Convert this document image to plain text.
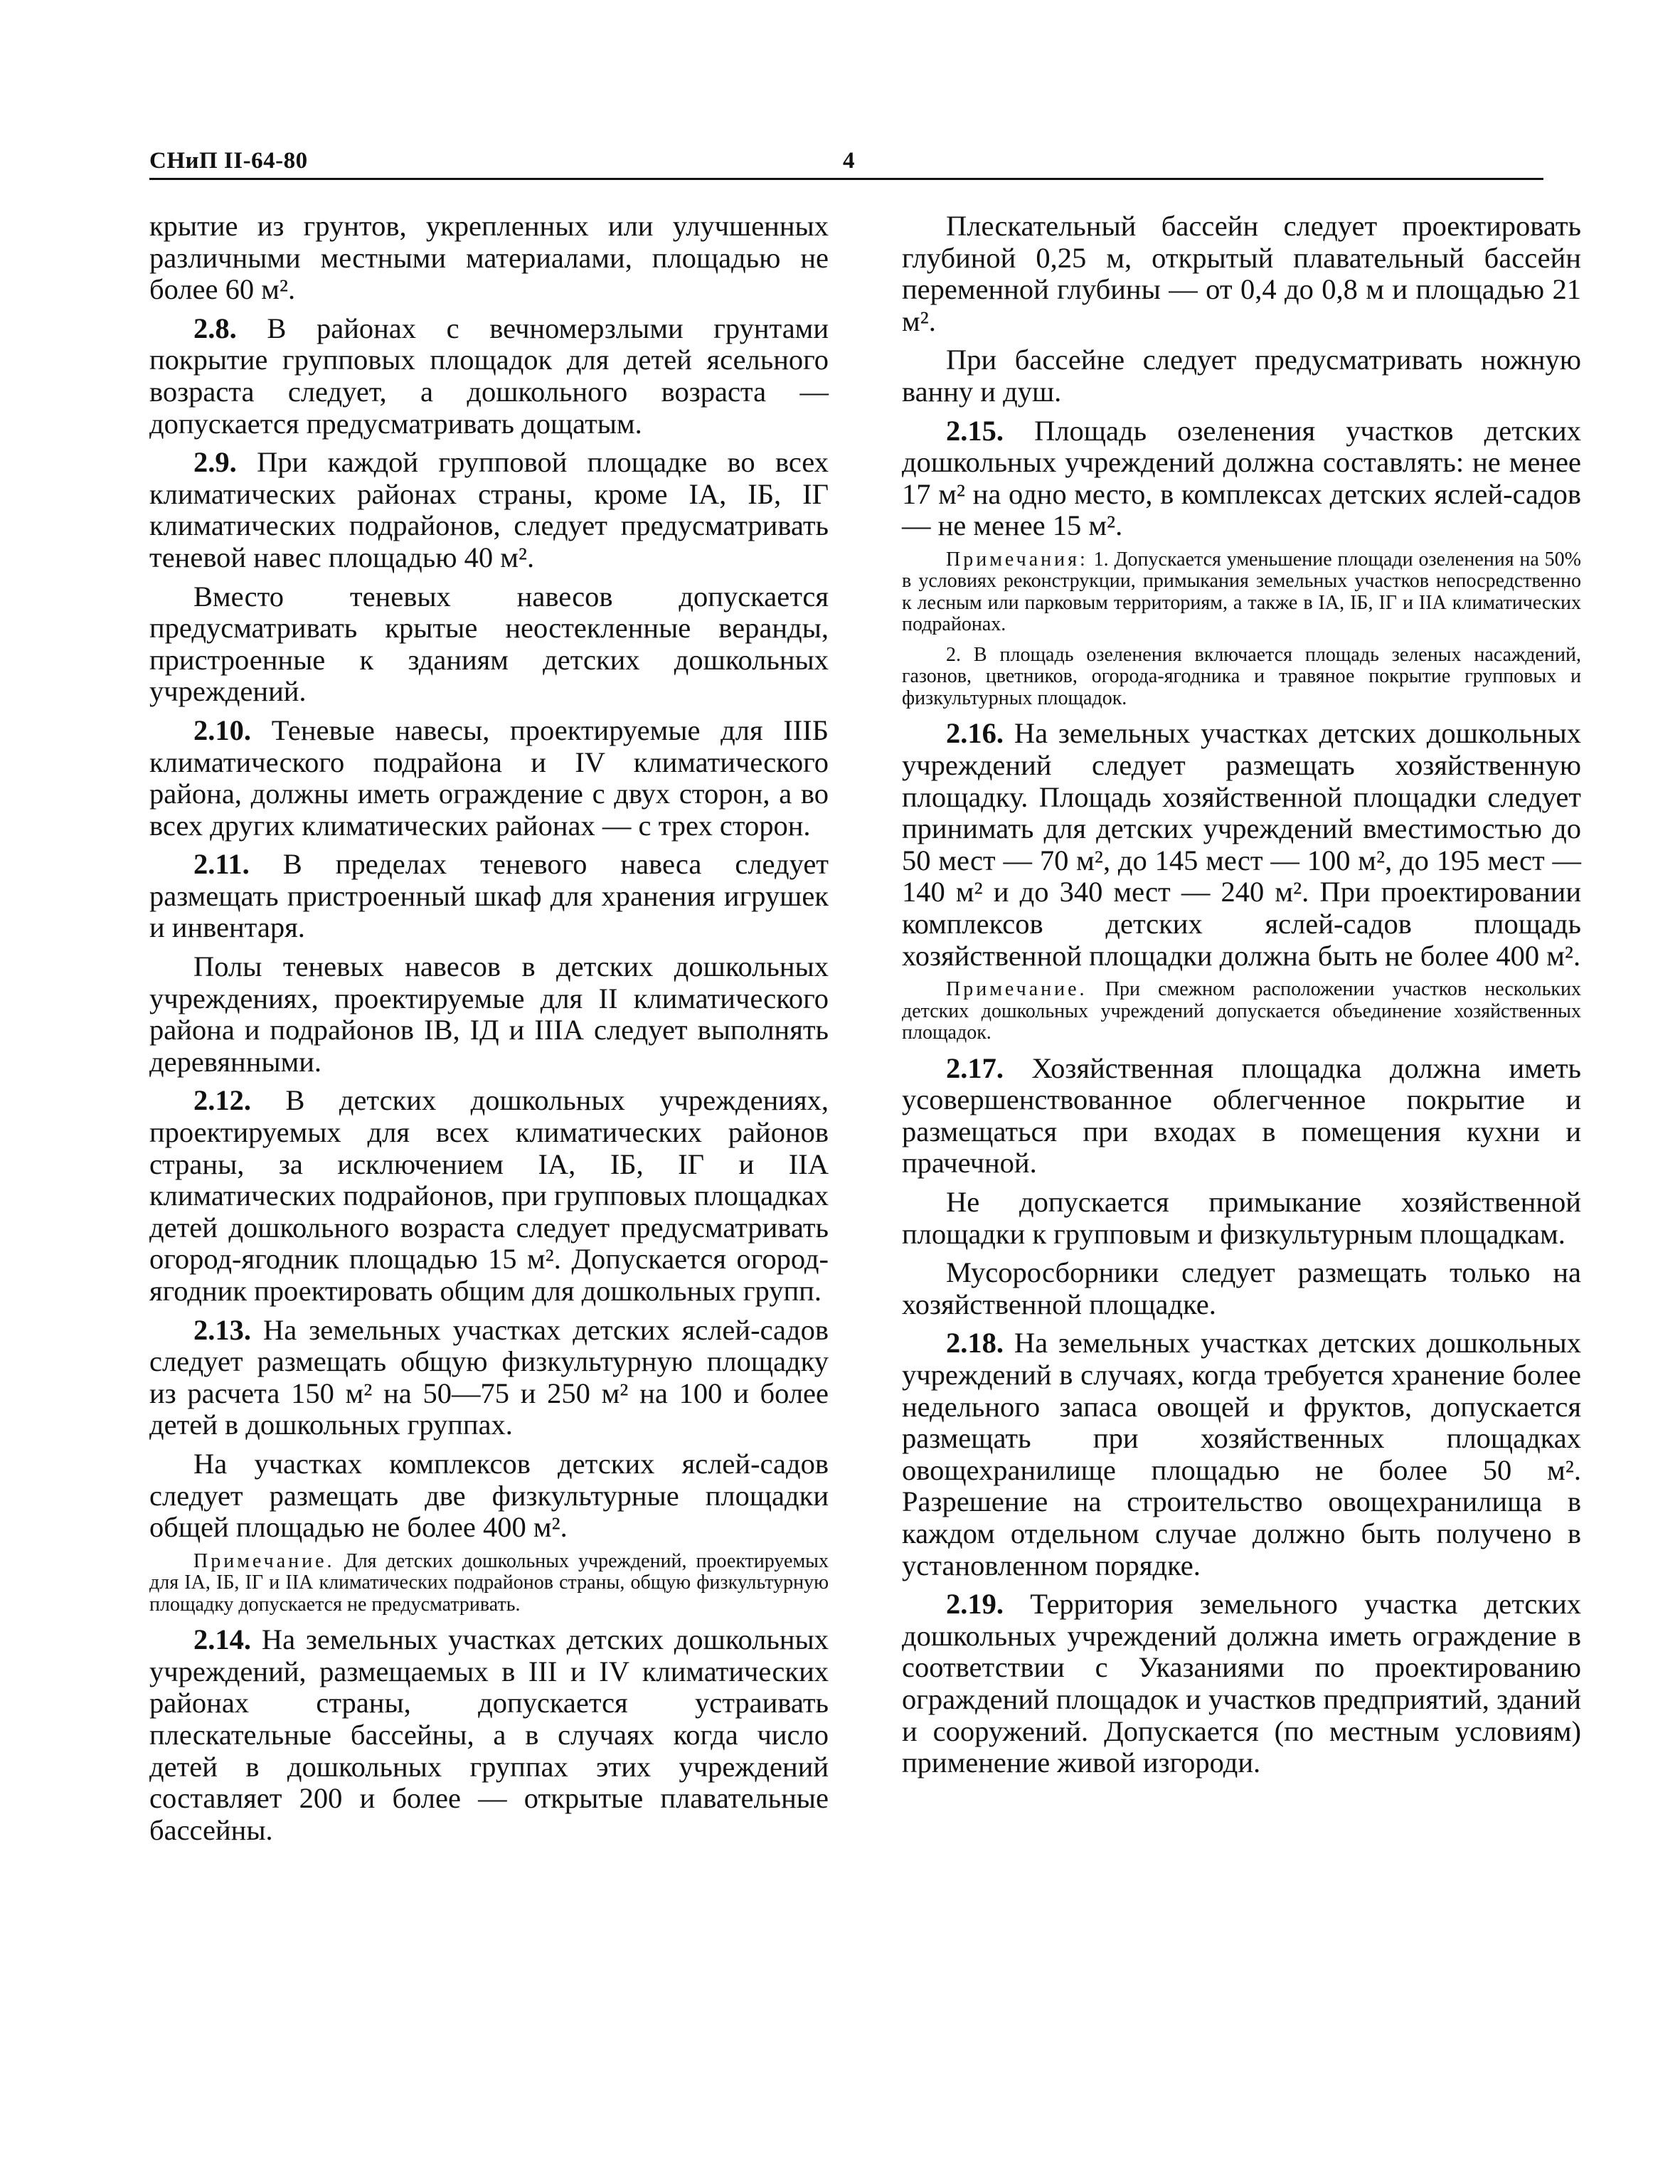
СНиП II-64-80	4

крытие из грунтов, укрепленных или улучшенных различными местными материалами, площадью не более 60 м².

2.8. В районах с вечномерзлыми грунтами покрытие групповых площадок для детей ясельного возраста следует, а дошкольного возраста — допускается предусматривать дощатым.

2.9. При каждой групповой площадке во всех климатических районах страны, кроме IА, IБ, IГ климатических подрайонов, следует предусматривать теневой навес площадью 40 м².

Вместо теневых навесов допускается предусматривать крытые неостекленные веранды, пристроенные к зданиям детских дошкольных учреждений.

2.10. Теневые навесы, проектируемые для IIIБ климатического подрайона и IV климатического района, должны иметь ограждение с двух сторон, а во всех других климатических районах — с трех сторон.

2.11. В пределах теневого навеса следует размещать пристроенный шкаф для хранения игрушек и инвентаря.

Полы теневых навесов в детских дошкольных учреждениях, проектируемые для II климатического района и подрайонов IВ, IД и IIIА следует выполнять деревянными.

2.12. В детских дошкольных учреждениях, проектируемых для всех климатических районов страны, за исключением IА, IБ, IГ и IIА климатических подрайонов, при групповых площадках детей дошкольного возраста следует предусматривать огород-ягодник площадью 15 м². Допускается огород-ягодник проектировать общим для дошкольных групп.

2.13. На земельных участках детских яслей-садов следует размещать общую физкультурную площадку из расчета 150 м² на 50—75 и 250 м² на 100 и более детей в дошкольных группах.

На участках комплексов детских яслей-садов следует размещать две физкультурные площадки общей площадью не более 400 м².

Примечание. Для детских дошкольных учреждений, проектируемых для IА, IБ, IГ и IIА климатических подрайонов страны, общую физкультурную площадку допускается не предусматривать.

2.14. На земельных участках детских дошкольных учреждений, размещаемых в III и IV климатических районах страны, допускается устраивать плескательные бассейны, а в случаях когда число детей в дошкольных группах этих учреждений составляет 200 и более — открытые плавательные бассейны.

Плескательный бассейн следует проектировать глубиной 0,25 м, открытый плавательный бассейн переменной глубины — от 0,4 до 0,8 м и площадью 21 м².

При бассейне следует предусматривать ножную ванну и душ.

2.15. Площадь озеленения участков детских дошкольных учреждений должна составлять: не менее 17 м² на одно место, в комплексах детских яслей-садов — не менее 15 м².

Примечания: 1. Допускается уменьшение площади озеленения на 50% в условиях реконструкции, примыкания земельных участков непосредственно к лесным или парковым территориям, а также в IА, IБ, IГ и IIА климатических подрайонах.

2. В площадь озеленения включается площадь зеленых насаждений, газонов, цветников, огорода-ягодника и травяное покрытие групповых и физкультурных площадок.

2.16. На земельных участках детских дошкольных учреждений следует размещать хозяйственную площадку. Площадь хозяйственной площадки следует принимать для детских учреждений вместимостью до 50 мест — 70 м², до 145 мест — 100 м², до 195 мест — 140 м² и до 340 мест — 240 м². При проектировании комплексов детских яслей-садов площадь хозяйственной площадки должна быть не более 400 м².

Примечание. При смежном расположении участков нескольких детских дошкольных учреждений допускается объединение хозяйственных площадок.

2.17. Хозяйственная площадка должна иметь усовершенствованное облегченное покрытие и размещаться при входах в помещения кухни и прачечной.

Не допускается примыкание хозяйственной площадки к групповым и физкультурным площадкам.

Мусоросборники следует размещать только на хозяйственной площадке.

2.18. На земельных участках детских дошкольных учреждений в случаях, когда требуется хранение более недельного запаса овощей и фруктов, допускается размещать при хозяйственных площадках овощехранилище площадью не более 50 м². Разрешение на строительство овощехранилища в каждом отдельном случае должно быть получено в установленном порядке.

2.19. Территория земельного участка детских дошкольных учреждений должна иметь ограждение в соответствии с Указаниями по проектированию ограждений площадок и участков предприятий, зданий и сооружений. Допускается (по местным условиям) применение живой изгороди.
